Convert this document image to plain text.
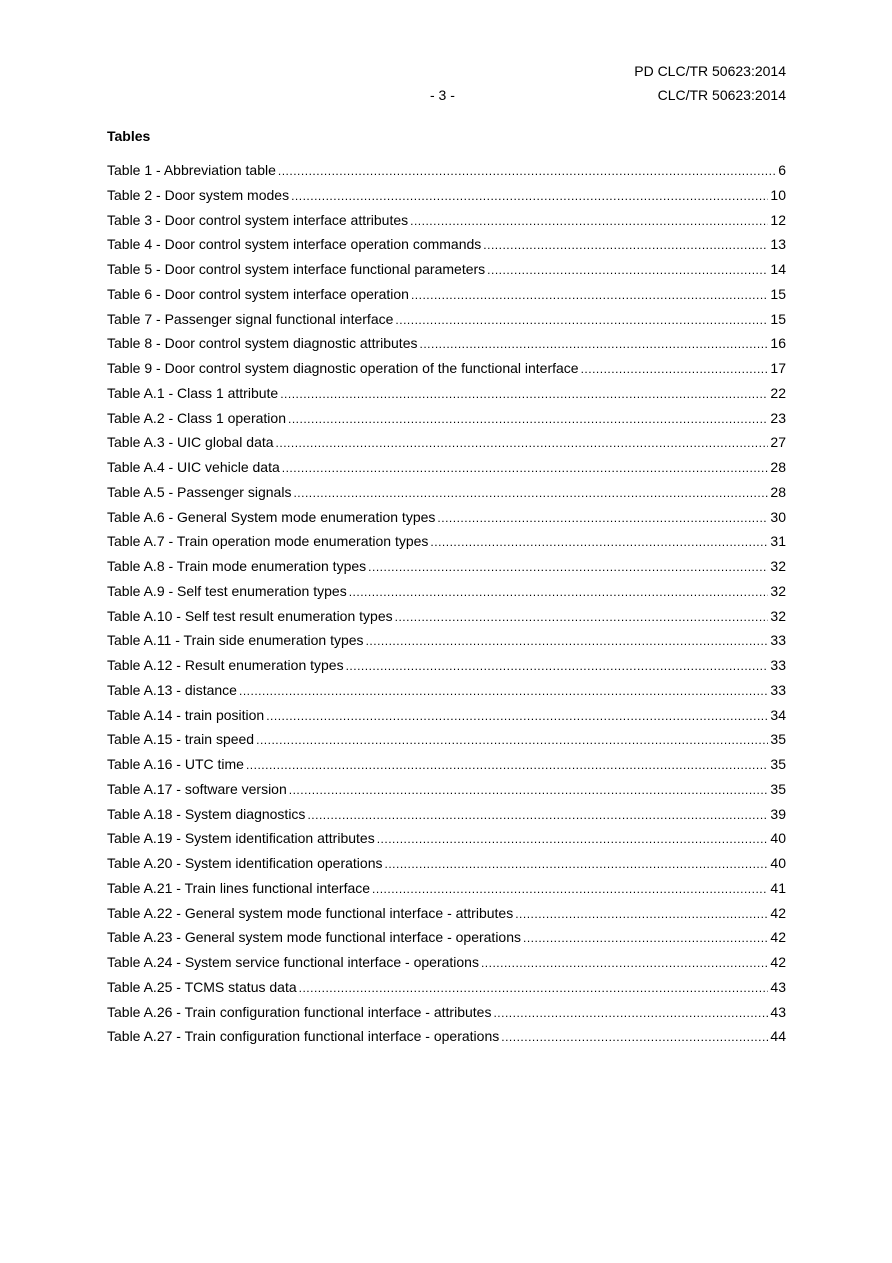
PD CLC/TR 50623:2014
- 3 -	CLC/TR 50623:2014
Tables
Table 1 - Abbreviation table .....	6
Table 2 - Door system modes .....	10
Table 3 - Door control system interface attributes .....	12
Table 4 - Door control system interface operation commands .....	13
Table 5 - Door control system interface functional parameters .....	14
Table 6 - Door control system interface operation .....	15
Table 7 - Passenger signal functional interface .....	15
Table 8 - Door control system diagnostic attributes .....	16
Table 9 - Door control system diagnostic operation of the functional interface .....	17
Table A.1 - Class 1 attribute .....	22
Table A.2 - Class 1 operation .....	23
Table A.3 - UIC global data .....	27
Table A.4 - UIC vehicle data .....	28
Table A.5 - Passenger signals .....	28
Table A.6 - General System mode enumeration types .....	30
Table A.7 - Train operation mode enumeration types .....	31
Table A.8 - Train mode enumeration types .....	32
Table A.9 - Self test enumeration types .....	32
Table A.10 - Self test result enumeration types .....	32
Table A.11 - Train side enumeration types .....	33
Table A.12 - Result enumeration types .....	33
Table A.13 - distance .....	33
Table A.14 - train position .....	34
Table A.15 - train speed .....	35
Table A.16 - UTC time .....	35
Table A.17 - software version .....	35
Table A.18 - System diagnostics .....	39
Table A.19 - System identification attributes .....	40
Table A.20 - System identification operations .....	40
Table A.21 - Train lines functional interface .....	41
Table A.22 - General system mode functional interface - attributes .....	42
Table A.23 - General system mode functional interface - operations .....	42
Table A.24 - System service functional interface - operations .....	42
Table A.25 - TCMS status data .....	43
Table A.26 - Train configuration functional interface - attributes .....	43
Table A.27 - Train configuration functional interface - operations .....	44
